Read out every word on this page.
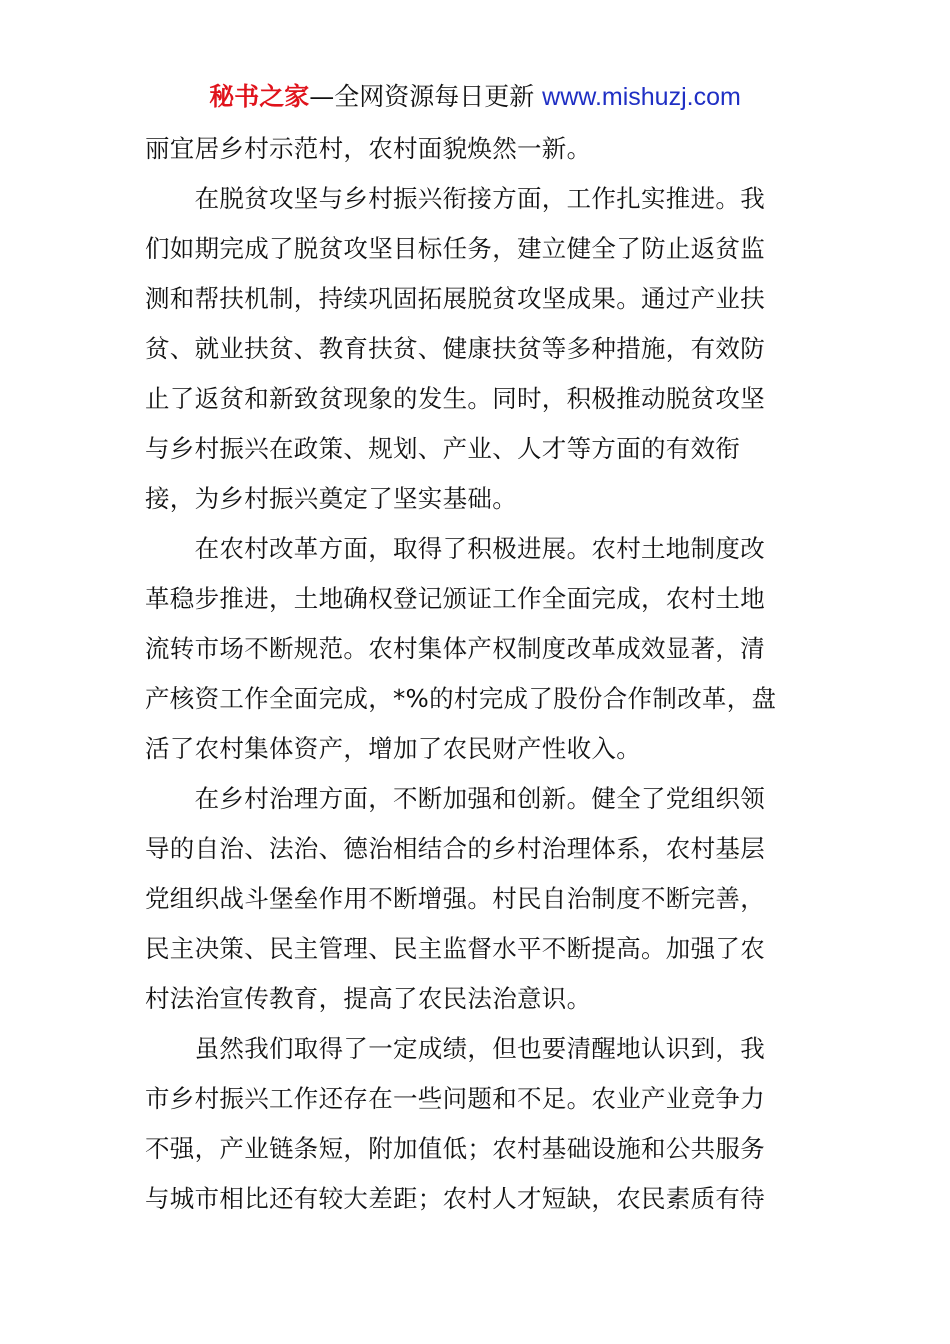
秘书之家—全网资源每日更新 www.mishuzj.com
丽宜居乡村示范村，农村面貌焕然一新。
　　在脱贫攻坚与乡村振兴衔接方面，工作扎实推进。我
们如期完成了脱贫攻坚目标任务，建立健全了防止返贫监
测和帮扶机制，持续巩固拓展脱贫攻坚成果。通过产业扶
贫、就业扶贫、教育扶贫、健康扶贫等多种措施，有效防
止了返贫和新致贫现象的发生。同时，积极推动脱贫攻坚
与乡村振兴在政策、规划、产业、人才等方面的有效衔
接，为乡村振兴奠定了坚实基础。
　　在农村改革方面，取得了积极进展。农村土地制度改
革稳步推进，土地确权登记颁证工作全面完成，农村土地
流转市场不断规范。农村集体产权制度改革成效显著，清
产核资工作全面完成，*%的村完成了股份合作制改革，盘
活了农村集体资产，增加了农民财产性收入。
　　在乡村治理方面，不断加强和创新。健全了党组织领
导的自治、法治、德治相结合的乡村治理体系，农村基层
党组织战斗堡垒作用不断增强。村民自治制度不断完善，
民主决策、民主管理、民主监督水平不断提高。加强了农
村法治宣传教育，提高了农民法治意识。
　　虽然我们取得了一定成绩，但也要清醒地认识到，我
市乡村振兴工作还存在一些问题和不足。农业产业竞争力
不强，产业链条短，附加值低；农村基础设施和公共服务
与城市相比还有较大差距；农村人才短缺，农民素质有待
